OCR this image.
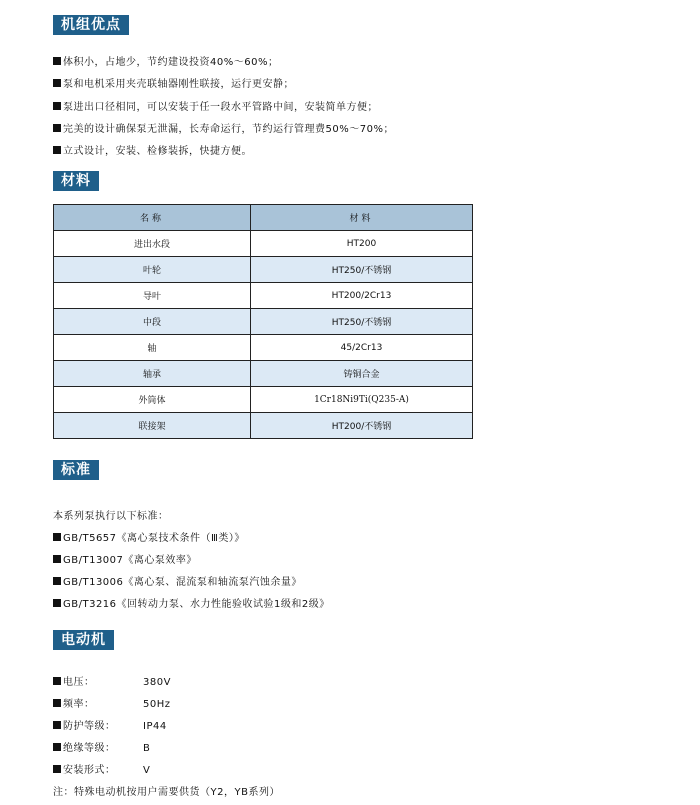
机组优点
体积小，占地少，节约建设投资40%～60%；
泵和电机采用夹壳联轴器刚性联接，运行更安静；
泵进出口径相同，可以安装于任一段水平管路中间，安装简单方便；
完美的设计确保泵无泄漏，长寿命运行，节约运行管理费50%～70%；
立式设计，安装、检修装拆，快捷方便。
材料
名称	材料
进出水段	HT200
叶轮	HT250/不锈钢
导叶	HT200/2Cr13
中段	HT250/不锈钢
轴	45/2Cr13
轴承	铸铜合金
外筒体	1Cr18Ni9Ti(Q235-A)
联接架	HT200/不锈钢
标准
本系列泵执行以下标准：
GB/T5657《离心泵技术条件（Ⅲ类）》
GB/T13007《离心泵效率》
GB/T13006《离心泵、混流泵和轴流泵汽蚀余量》
GB/T3216《回转动力泵、水力性能验收试验1级和2级》
电动机
电压：	380V
频率：	50Hz
防护等级：	IP44
绝缘等级：	B
安装形式：	V
注：特殊电动机按用户需要供货（Y2，YB系列）
